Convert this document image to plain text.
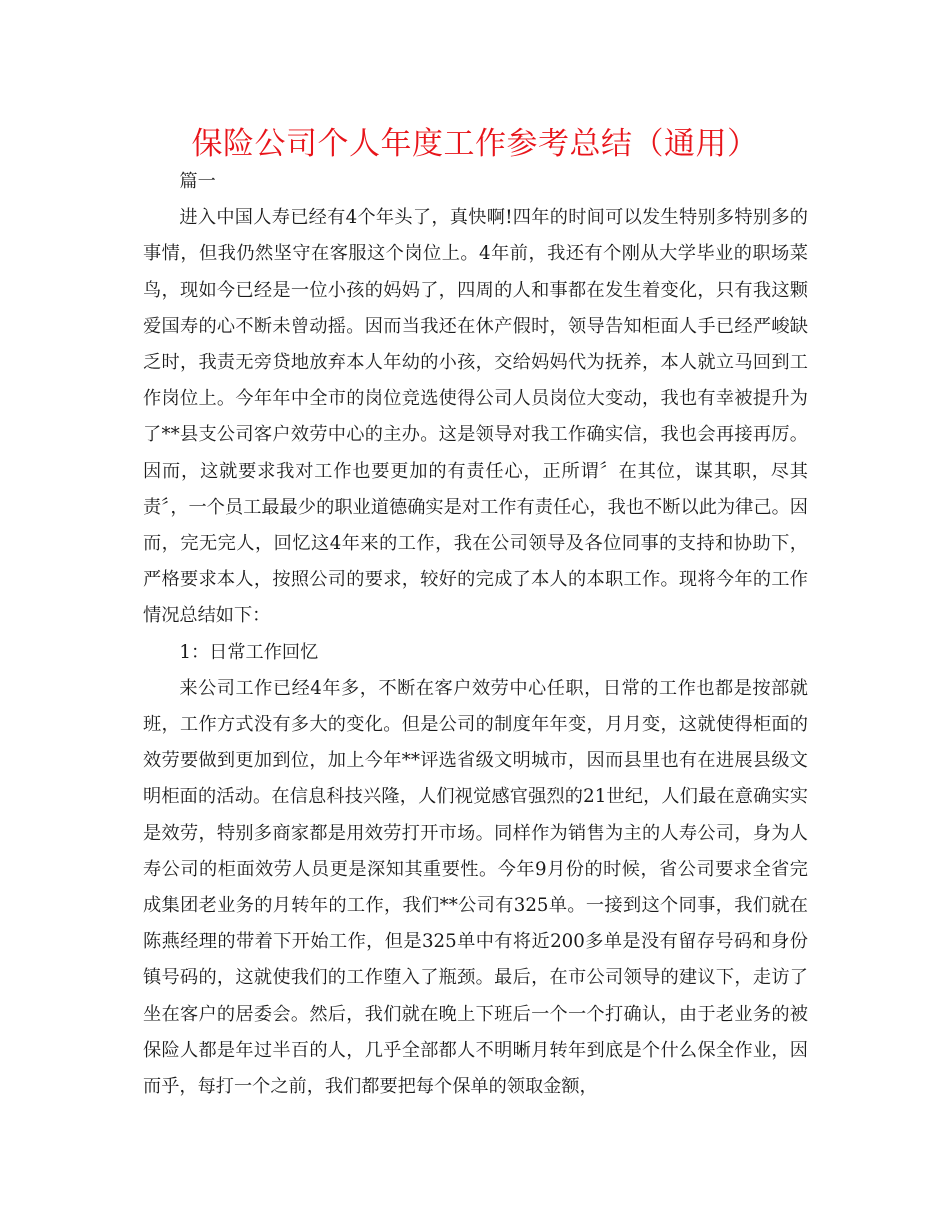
保险公司个人年度工作参考总结（通用）

篇一

进入中国人寿已经有4个年头了，真快啊!四年的时间可以发生特别多特别多的事情，但我仍然坚守在客服这个岗位上。4年前，我还有个刚从大学毕业的职场菜鸟，现如今已经是一位小孩的妈妈了，四周的人和事都在发生着变化，只有我这颗爱国寿的心不断未曾动摇。因而当我还在休产假时，领导告知柜面人手已经严峻缺乏时，我责无旁贷地放弃本人年幼的小孩，交给妈妈代为抚养，本人就立马回到工作岗位上。今年年中全市的岗位竞选使得公司人员岗位大变动，我也有幸被提升为了**县支公司客户效劳中心的主办。这是领导对我工作确实信，我也会再接再厉。因而，这就要求我对工作也要更加的有责任心，正所谓〞在其位，谋其职，尽其责〞，一个员工最最少的职业道德确实是对工作有责任心，我也不断以此为律己。因而，完无完人，回忆这4年来的工作，我在公司领导及各位同事的支持和协助下，严格要求本人，按照公司的要求，较好的完成了本人的本职工作。现将今年的工作情况总结如下：

1：日常工作回忆

来公司工作已经4年多，不断在客户效劳中心任职，日常的工作也都是按部就班，工作方式没有多大的变化。但是公司的制度年年变，月月变，这就使得柜面的效劳要做到更加到位，加上今年**评选省级文明城市，因而县里也有在进展县级文明柜面的活动。在信息科技兴隆，人们视觉感官强烈的21世纪，人们最在意确实实是效劳，特别多商家都是用效劳打开市场。同样作为销售为主的人寿公司，身为人寿公司的柜面效劳人员更是深知其重要性。今年9月份的时候，省公司要求全省完成集团老业务的月转年的工作，我们**公司有325单。一接到这个同事，我们就在陈燕经理的带着下开始工作，但是325单中有将近200多单是没有留存号码和身份镇号码的，这就使我们的工作堕入了瓶颈。最后，在市公司领导的建议下，走访了坐在客户的居委会。然后，我们就在晚上下班后一个一个打确认，由于老业务的被保险人都是年过半百的人，几乎全部都人不明晰月转年到底是个什么保全作业，因而乎，每打一个之前，我们都要把每个保单的领取金额，
